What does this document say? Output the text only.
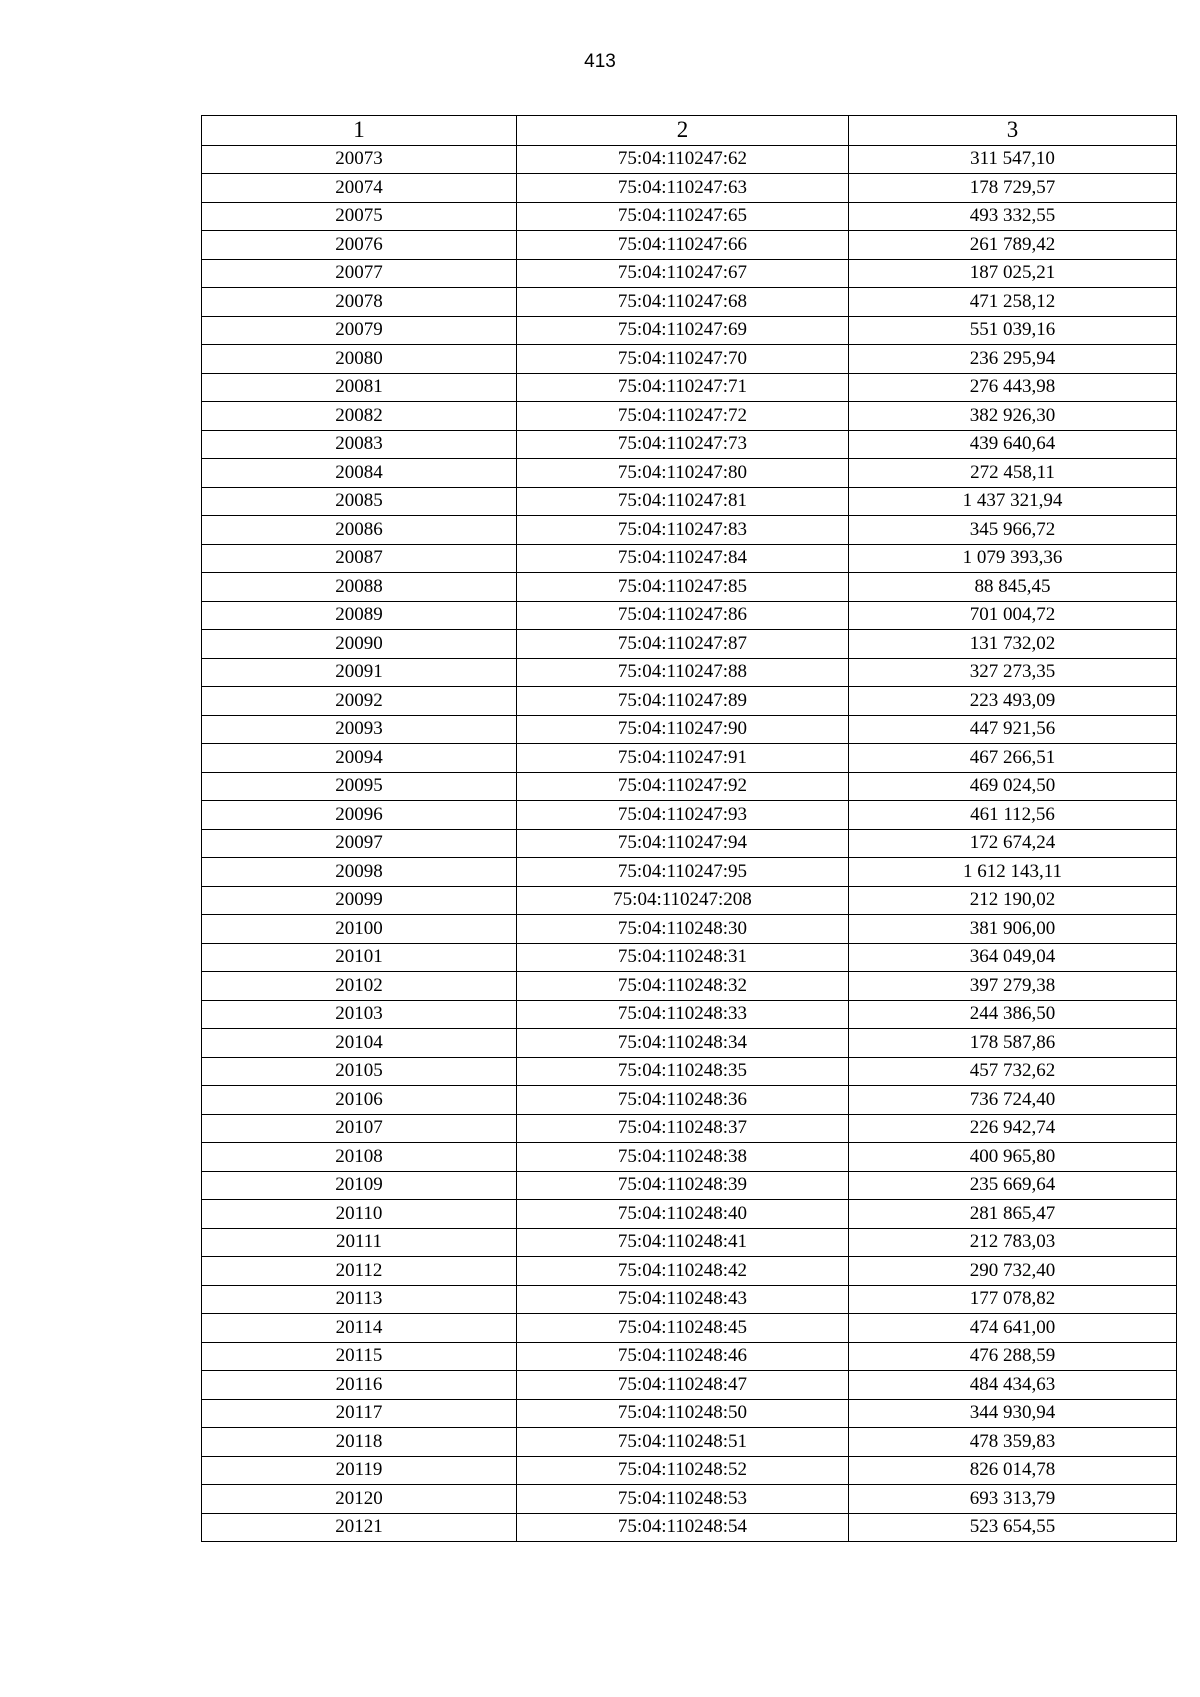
413
1	2	3
20073	75:04:110247:62	311 547,10
20074	75:04:110247:63	178 729,57
20075	75:04:110247:65	493 332,55
20076	75:04:110247:66	261 789,42
20077	75:04:110247:67	187 025,21
20078	75:04:110247:68	471 258,12
20079	75:04:110247:69	551 039,16
20080	75:04:110247:70	236 295,94
20081	75:04:110247:71	276 443,98
20082	75:04:110247:72	382 926,30
20083	75:04:110247:73	439 640,64
20084	75:04:110247:80	272 458,11
20085	75:04:110247:81	1 437 321,94
20086	75:04:110247:83	345 966,72
20087	75:04:110247:84	1 079 393,36
20088	75:04:110247:85	88 845,45
20089	75:04:110247:86	701 004,72
20090	75:04:110247:87	131 732,02
20091	75:04:110247:88	327 273,35
20092	75:04:110247:89	223 493,09
20093	75:04:110247:90	447 921,56
20094	75:04:110247:91	467 266,51
20095	75:04:110247:92	469 024,50
20096	75:04:110247:93	461 112,56
20097	75:04:110247:94	172 674,24
20098	75:04:110247:95	1 612 143,11
20099	75:04:110247:208	212 190,02
20100	75:04:110248:30	381 906,00
20101	75:04:110248:31	364 049,04
20102	75:04:110248:32	397 279,38
20103	75:04:110248:33	244 386,50
20104	75:04:110248:34	178 587,86
20105	75:04:110248:35	457 732,62
20106	75:04:110248:36	736 724,40
20107	75:04:110248:37	226 942,74
20108	75:04:110248:38	400 965,80
20109	75:04:110248:39	235 669,64
20110	75:04:110248:40	281 865,47
20111	75:04:110248:41	212 783,03
20112	75:04:110248:42	290 732,40
20113	75:04:110248:43	177 078,82
20114	75:04:110248:45	474 641,00
20115	75:04:110248:46	476 288,59
20116	75:04:110248:47	484 434,63
20117	75:04:110248:50	344 930,94
20118	75:04:110248:51	478 359,83
20119	75:04:110248:52	826 014,78
20120	75:04:110248:53	693 313,79
20121	75:04:110248:54	523 654,55
